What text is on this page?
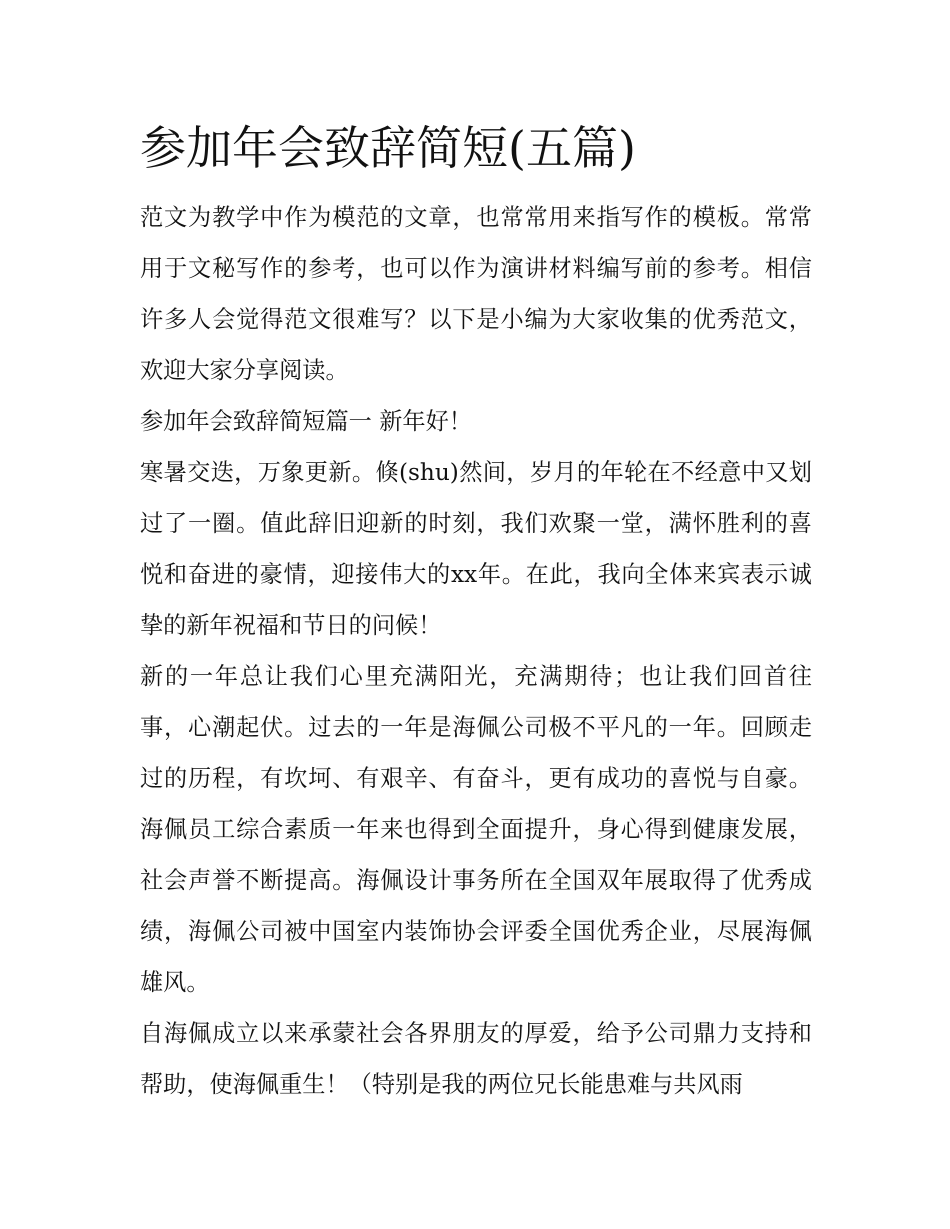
参加年会致辞简短(五篇)

范文为教学中作为模范的文章，也常常用来指写作的模板。常常用于文秘写作的参考，也可以作为演讲材料编写前的参考。相信许多人会觉得范文很难写？以下是小编为大家收集的优秀范文，欢迎大家分享阅读。

参加年会致辞简短篇一 新年好！

寒暑交迭，万象更新。倏(shu)然间，岁月的年轮在不经意中又划过了一圈。值此辞旧迎新的时刻，我们欢聚一堂，满怀胜利的喜悦和奋进的豪情，迎接伟大的xx年。在此，我向全体来宾表示诚挚的新年祝福和节日的问候！

新的一年总让我们心里充满阳光，充满期待；也让我们回首往事，心潮起伏。过去的一年是海佩公司极不平凡的一年。回顾走过的历程，有坎坷、有艰辛、有奋斗，更有成功的喜悦与自豪。海佩员工综合素质一年来也得到全面提升，身心得到健康发展，社会声誉不断提高。海佩设计事务所在全国双年展取得了优秀成绩，海佩公司被中国室内装饰协会评委全国优秀企业，尽展海佩雄风。

自海佩成立以来承蒙社会各界朋友的厚爱，给予公司鼎力支持和帮助，使海佩重生！（特别是我的两位兄长能患难与共风雨
